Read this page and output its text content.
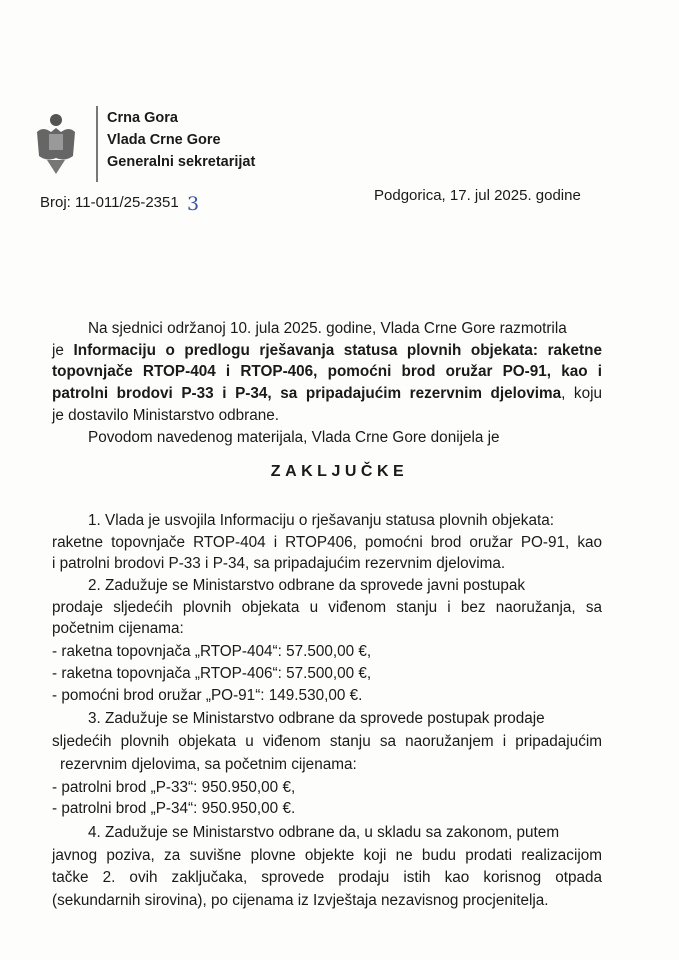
Crna Gora
Vlada Crne Gore
Generalni sekretarijat
Broj: 11-011/25-2351 3	Podgorica, 17. jul 2025. godine
Na sjednici održanoj 10. jula 2025. godine, Vlada Crne Gore razmotrila
je Informaciju o predlogu rješavanja statusa plovnih objekata: raketne
topovnjače RTOP-404 i RTOP-406, pomoćni brod oružar PO-91, kao i
patrolni brodovi P-33 i P-34, sa pripadajućim rezervnim djelovima, koju
je dostavilo Ministarstvo odbrane.
Povodom navedenog materijala, Vlada Crne Gore donijela je
ZAKLJUČKE
1. Vlada je usvojila Informaciju o rješavanju statusa plovnih objekata:
raketne topovnjače RTOP-404 i RTOP406, pomoćni brod oružar PO-91, kao
i patrolni brodovi P-33 i P-34, sa pripadajućim rezervnim djelovima.
2. Zadužuje se Ministarstvo odbrane da sprovede javni postupak
prodaje sljedećih plovnih objekata u viđenom stanju i bez naoružanja, sa
početnim cijenama:
- raketna topovnjača „RTOP-404“: 57.500,00 €,
- raketna topovnjača „RTOP-406“: 57.500,00 €,
- pomoćni brod oružar „PO-91“: 149.530,00 €.
3. Zadužuje se Ministarstvo odbrane da sprovede postupak prodaje
sljedećih plovnih objekata u viđenom stanju sa naoružanjem i pripadajućim
rezervnim djelovima, sa početnim cijenama:
- patrolni brod „P-33“: 950.950,00 €,
- patrolni brod „P-34“: 950.950,00 €.
4. Zadužuje se Ministarstvo odbrane da, u skladu sa zakonom, putem
javnog poziva, za suvišne plovne objekte koji ne budu prodati realizacijom
tačke 2. ovih zaključaka, sprovede prodaju istih kao korisnog otpada
(sekundarnih sirovina), po cijenama iz Izvještaja nezavisnog procjenitelja.
